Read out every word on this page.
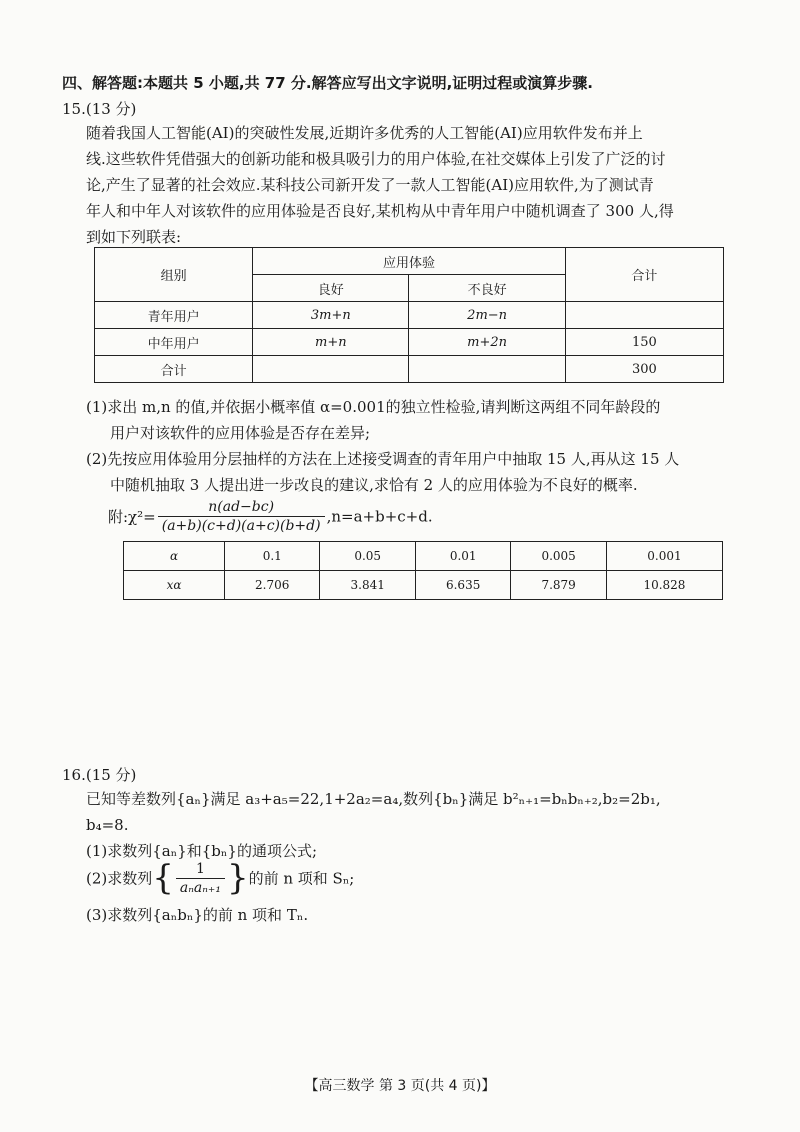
四、解答题:本题共 5 小题,共 77 分.解答应写出文字说明,证明过程或演算步骤.
15.(13 分)
随着我国人工智能(AI)的突破性发展,近期许多优秀的人工智能(AI)应用软件发布并上
线.这些软件凭借强大的创新功能和极具吸引力的用户体验,在社交媒体上引发了广泛的讨
论,产生了显著的社会效应.某科技公司新开发了一款人工智能(AI)应用软件,为了测试青
年人和中年人对该软件的应用体验是否良好,某机构从中青年用户中随机调查了 300 人,得
到如下列联表:
组别	应用体验		合计
	良好	不良好	
青年用户	3m+n	2m−n	
中年用户	m+n	m+2n	150
合计			300
(1)求出 m,n 的值,并依据小概率值 α=0.001的独立性检验,请判断这两组不同年龄段的
用户对该软件的应用体验是否存在差异;
(2)先按应用体验用分层抽样的方法在上述接受调查的青年用户中抽取 15 人,再从这 15 人
中随机抽取 3 人提出进一步改良的建议,求恰有 2 人的应用体验为不良好的概率.
附:χ²= $\frac{n(ad-bc)}{(a+b)(c+d)(a+c)(b+d)} ,n=a+b+c+d$.
α	0.1	0.05	0.01	0.005	0.001
xα	2.706	3.841	6.635	7.879	10.828
16.(15 分)
已知等差数列{aₙ}满足 a₃+a₅=22,1+2a₂=a₄,数列{bₙ}满足 b²ₙ₊₁=bₙbₙ₊₂,b₂=2b₁,
b₄=8.
(1)求数列{aₙ}和{bₙ}的通项公式;
(2)求数列{ $\frac{1}{\text{aₙaₙ₊₁}}$ }的前 n 项和 Sₙ;
(3)求数列{aₙbₙ}的前 n 项和 Tₙ.
【高三数学 第 3 页(共 4 页)】
